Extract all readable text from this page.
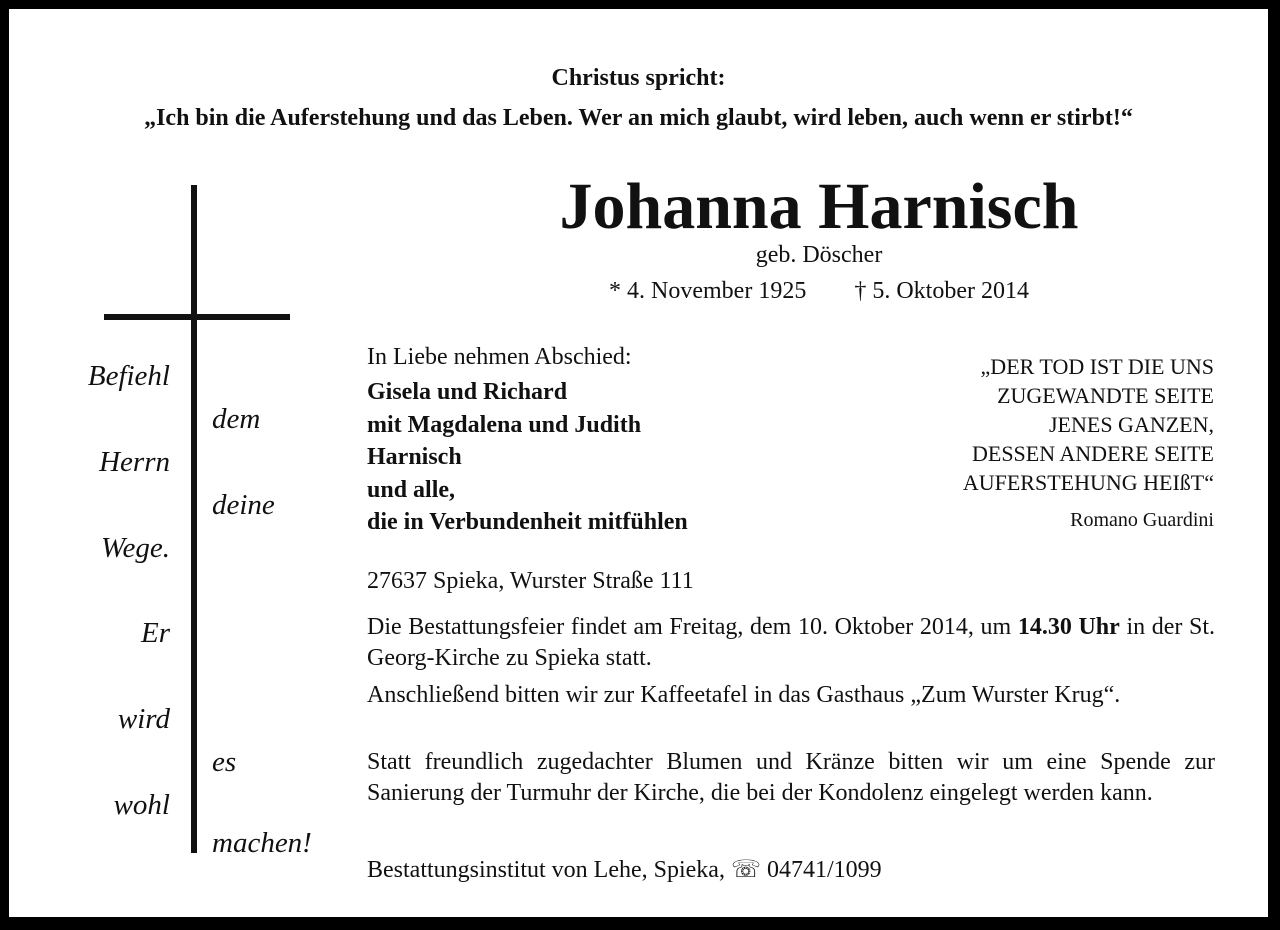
Christus spricht:
„Ich bin die Auferstehung und das Leben. Wer an mich glaubt, wird leben, auch wenn er stirbt!“
Befiehl
Herrn
Wege.
Er
wird
wohl
dem
deine
es
machen!
Johanna Harnisch
geb. Döscher
* 4. November 1925 † 5. Oktober 2014
In Liebe nehmen Abschied:
Gisela und Richard
mit Magdalena und Judith
Harnisch
und alle,
die in Verbundenheit mitfühlen
„DER TOD IST DIE UNS
ZUGEWANDTE SEITE
JENES GANZEN,
DESSEN ANDERE SEITE
AUFERSTEHUNG HEIßT“
Romano Guardini
27637 Spieka, Wurster Straße 111
Die Bestattungsfeier findet am Freitag, dem 10. Oktober 2014, um 14.30 Uhr in der St. Georg-Kirche zu Spieka statt.
Anschließend bitten wir zur Kaffeetafel in das Gasthaus „Zum Wurster Krug“.
Statt freundlich zugedachter Blumen und Kränze bitten wir um eine Spende zur Sanierung der Turmuhr der Kirche, die bei der Kondolenz eingelegt werden kann.
Bestattungsinstitut von Lehe, Spieka, ☏ 04741/1099
